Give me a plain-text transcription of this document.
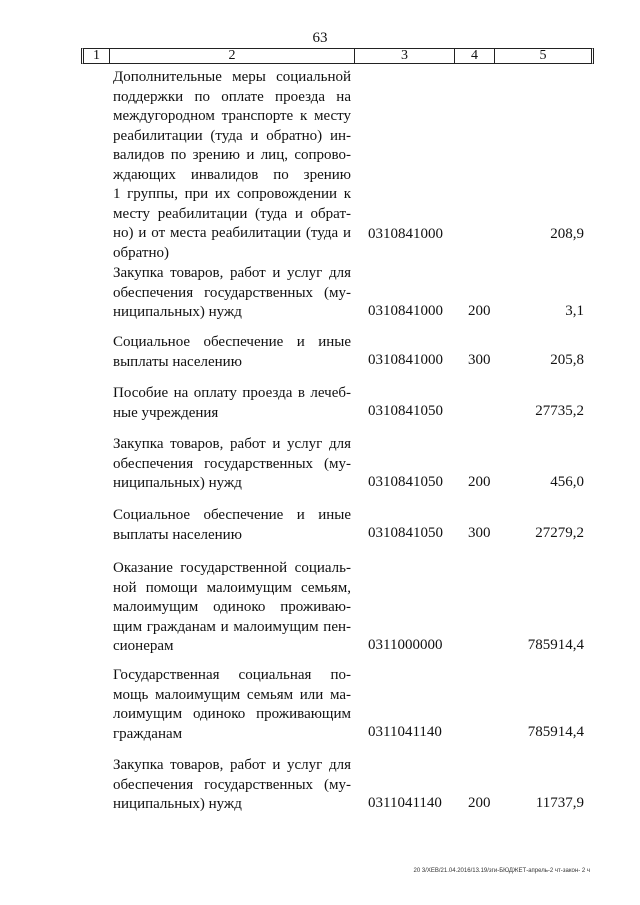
63
1	2	3	4	5
Дополнительные меры социальной
поддержки по оплате проезда на
междугородном транспорте к месту
реабилитации (туда и обратно) ин-
валидов по зрению и лиц, сопрово-
ждающих инвалидов по зрению
1 группы, при их сопровождении к
месту реабилитации (туда и обрат-
но) и от места реабилитации (туда и
обратно)
0310841000	208,9
Закупка товаров, работ и услуг для
обеспечения государственных (му-
ниципальных) нужд	0310841000 200	3,1
Социальное обеспечение и иные
выплаты населению	0310841000 300	205,8
Пособие на оплату проезда в лечеб-
ные учреждения	0310841050	27735,2
Закупка товаров, работ и услуг для
обеспечения государственных (му-
ниципальных) нужд	0310841050 200	456,0
Социальное обеспечение и иные
выплаты населению	0310841050 300	27279,2
Оказание государственной социаль-
ной помощи малоимущим семьям,
малоимущим одиноко проживаю-
щим гражданам и малоимущим пен-
сионерам	0311000000	785914,4
Государственная социальная по-
мощь малоимущим семьям или ма-
лоимущим одиноко проживающим
гражданам	0311041140	785914,4
Закупка товаров, работ и услуг для
обеспечения государственных (му-
ниципальных) нужд	0311041140 200	11737,9
20 3/ХЕВ/21.04.2016/13.19/зги-БЮДЖЕТ-апрель-2 чт-закон- 2 ч
